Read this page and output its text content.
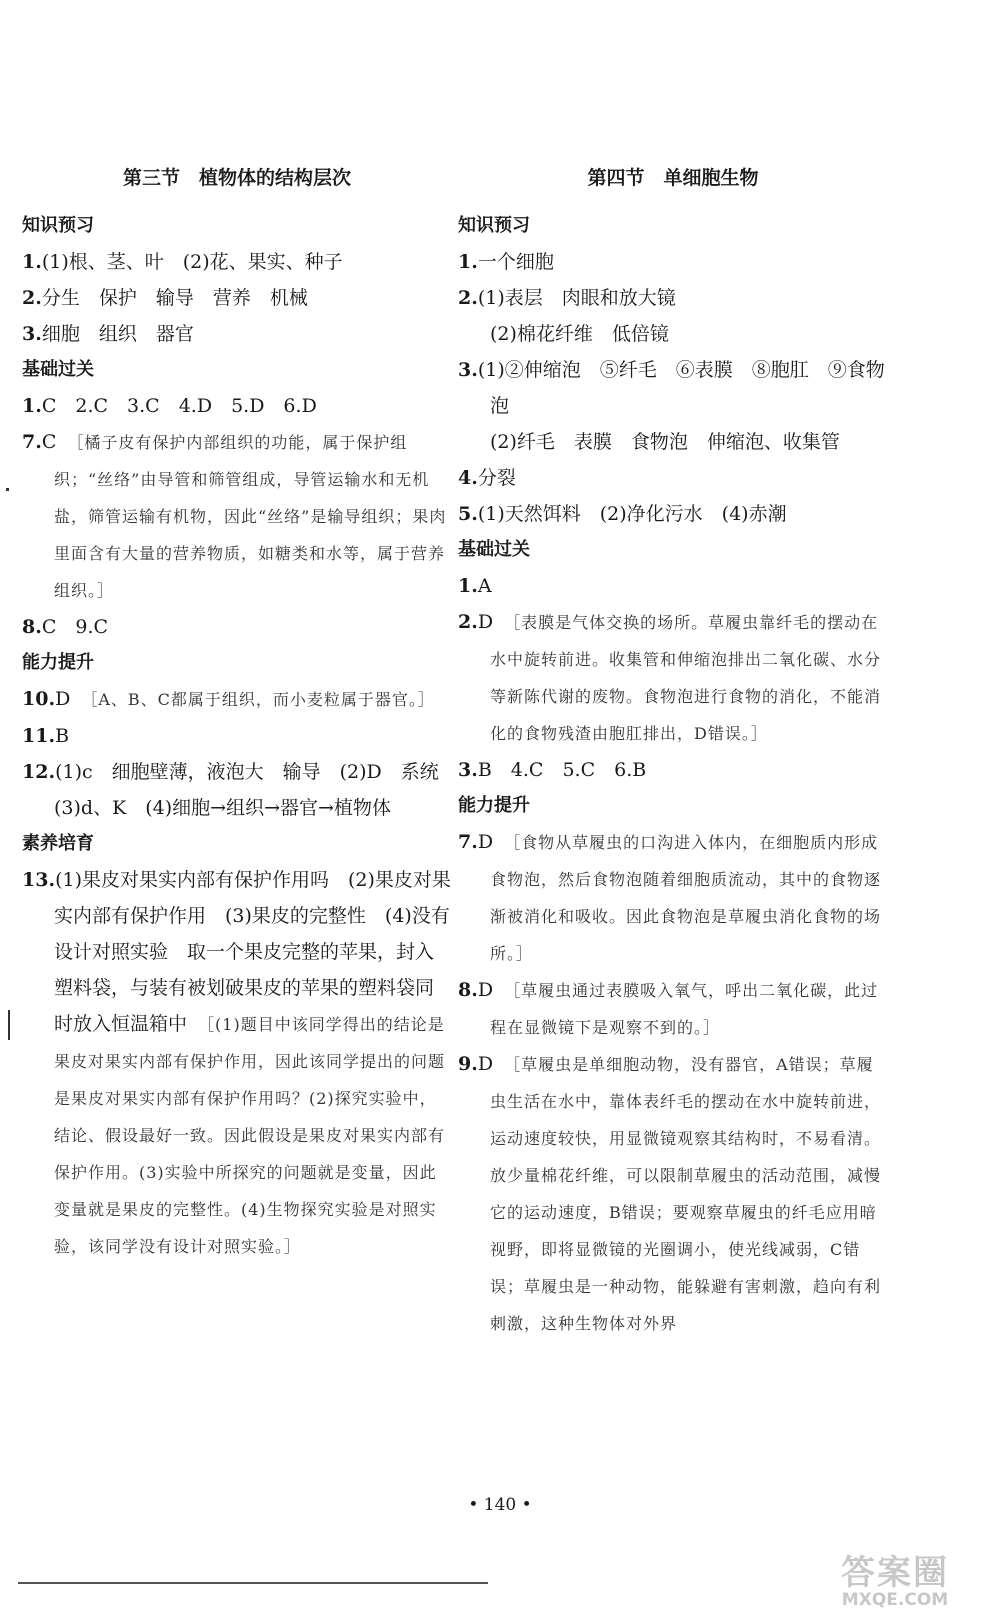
第三节　植物体的结构层次
知识预习
1.(1)根、茎、叶　(2)花、果实、种子
2.分生　保护　输导　营养　机械
3.细胞　组织　器官
基础过关
1.C　2.C　3.C　4.D　5.D　6.D
7.C　 ［橘子皮有保护内部组织的功能，属于保护组织；“丝络”由导管和筛管组成，导管运输水和无机盐，筛管运输有机物，因此“丝络”是输导组织；果肉里面含有大量的营养物质，如糖类和水等，属于营养组织。］
8.C　9.C
能力提升
10.D　 ［A、B、C都属于组织，而小麦粒属于器官。］
11.B
12.(1)c　细胞壁薄，液泡大　输导　(2)D　系统　(3)d、K　(4)细胞→组织→器官→植物体
素养培育
13.(1)果皮对果实内部有保护作用吗　(2)果皮对果实内部有保护作用　(3)果皮的完整性　(4)没有设计对照实验　取一个果皮完整的苹果，封入塑料袋，与装有被划破果皮的苹果的塑料袋同时放入恒温箱中　 ［(1)题目中该同学得出的结论是果皮对果实内部有保护作用，因此该同学提出的问题是果皮对果实内部有保护作用吗？(2)探究实验中，结论、假设最好一致。因此假设是果皮对果实内部有保护作用。(3)实验中所探究的问题就是变量，因此变量就是果皮的完整性。(4)生物探究实验是对照实验，该同学没有设计对照实验。］
第四节　单细胞生物
知识预习
1.一个细胞
2.(1)表层　肉眼和放大镜
(2)棉花纤维　低倍镜
3.(1)②伸缩泡　⑤纤毛　⑥表膜　⑧胞肛　⑨食物泡
(2)纤毛　表膜　食物泡　伸缩泡、收集管
4.分裂
5.(1)天然饵料　(2)净化污水　(4)赤潮
基础过关
1.A
2.D　 ［表膜是气体交换的场所。草履虫靠纤毛的摆动在水中旋转前进。收集管和伸缩泡排出二氧化碳、水分等新陈代谢的废物。食物泡进行食物的消化，不能消化的食物残渣由胞肛排出，D错误。］
3.B　4.C　5.C　6.B
能力提升
7.D　 ［食物从草履虫的口沟进入体内，在细胞质内形成食物泡，然后食物泡随着细胞质流动，其中的食物逐渐被消化和吸收。因此食物泡是草履虫消化食物的场所。］
8.D　 ［草履虫通过表膜吸入氧气，呼出二氧化碳，此过程在显微镜下是观察不到的。］
9.D　 ［草履虫是单细胞动物，没有器官，A错误；草履虫生活在水中，靠体表纤毛的摆动在水中旋转前进，运动速度较快，用显微镜观察其结构时，不易看清。放少量棉花纤维，可以限制草履虫的活动范围，减慢它的运动速度，B错误；要观察草履虫的纤毛应用暗视野，即将显微镜的光圈调小，使光线减弱，C错误；草履虫是一种动物，能躲避有害刺激，趋向有利刺激，这种生物体对外界
• 140 •
答案圈
MXQE.COM
